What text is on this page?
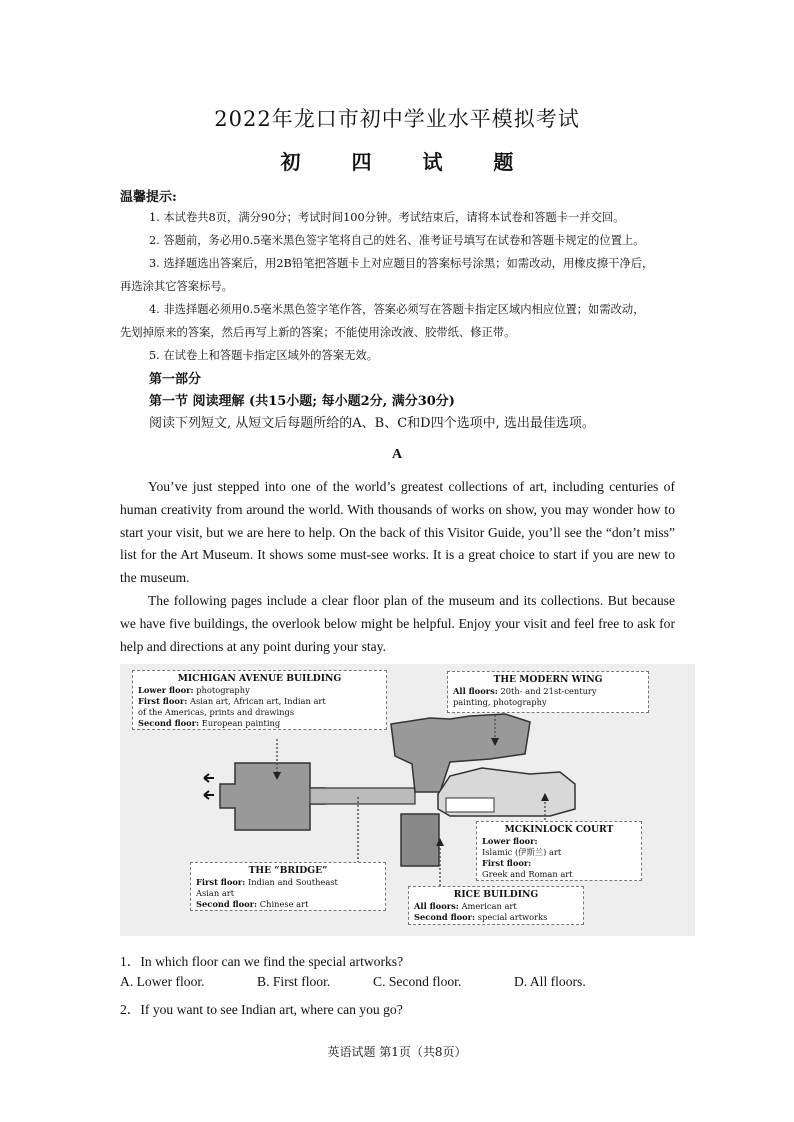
2022年龙口市初中学业水平模拟考试
初 四 试 题
温馨提示:
1. 本试卷共8页，满分90分；考试时间100分钟。考试结束后，请将本试卷和答题卡一并交回。
2. 答题前，务必用0.5毫米黑色签字笔将自己的姓名、准考证号填写在试卷和答题卡规定的位置上。
3. 选择题选出答案后，用2B铅笔把答题卡上对应题目的答案标号涂黑；如需改动，用橡皮擦干净后，
再选涂其它答案标号。
4. 非选择题必须用0.5毫米黑色签字笔作答，答案必须写在答题卡指定区域内相应位置；如需改动，
先划掉原来的答案，然后再写上新的答案；不能使用涂改液、胶带纸、修正带。
5. 在试卷上和答题卡指定区域外的答案无效。
第一部分
第一节 阅读理解 (共15小题; 每小题2分, 满分30分)
阅读下列短文, 从短文后每题所给的A、B、C和D四个选项中, 选出最佳选项。
A
You’ve just stepped into one of the world’s greatest collections of art, including centuries of human creativity from around the world. With thousands of works on show, you may wonder how to start your visit, but we are here to help. On the back of this Visitor Guide, you’ll see the “don’t miss” list for the Art Museum. It shows some must-see works. It is a great choice to start if you are new to the museum.
The following pages include a clear floor plan of the museum and its collections. But because we have five buildings, the overlook below might be helpful. Enjoy your visit and feel free to ask for help and directions at any point during your stay.
MICHIGAN AVENUE BUILDING
Lower floor: photography
First floor: Asian art, African art, Indian art
of the Americas, prints and drawings
Second floor: European painting
THE MODERN WING
All floors: 20th- and 21st-century
painting, photography
MCKINLOCK COURT
Lower floor:
Islamic (伊斯兰) art
First floor:
Greek and Roman art
THE “BRIDGE”
First floor: Indian and Southeast
Asian art
Second floor: Chinese art
RICE BUILDING
All floors: American art
Second floor: special artworks
1．In which floor can we find the special artworks?
A. Lower floor.	B. First floor.	C. Second floor.	D. All floors.
2．If you want to see Indian art, where can you go?
英语试题 第1页（共8页）
